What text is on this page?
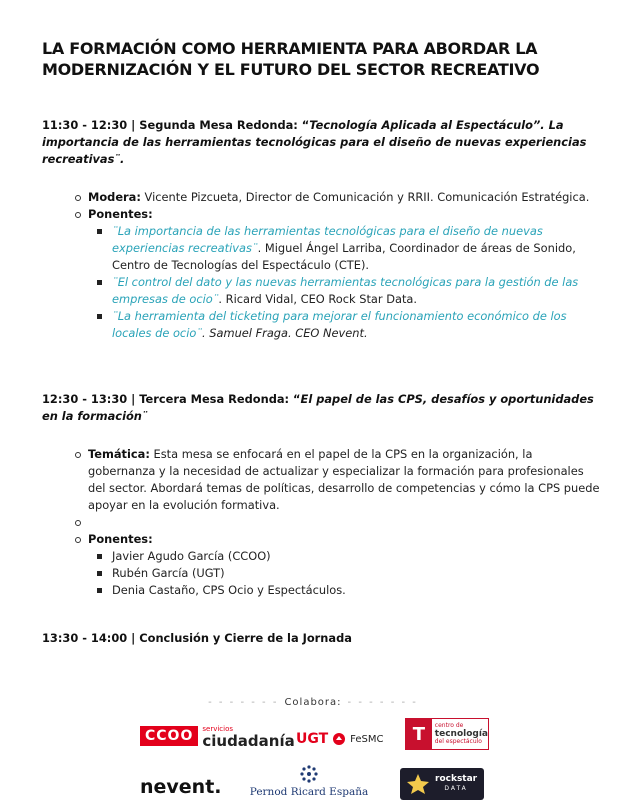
LA FORMACIÓN COMO HERRAMIENTA PARA ABORDAR LA
MODERNIZACIÓN Y EL FUTURO DEL SECTOR RECREATIVO
11:30 - 12:30 | Segunda Mesa Redonda: “Tecnología Aplicada al Espectáculo”. La importancia de las herramientas tecnológicas para el diseño de nuevas experiencias recreativas¨.
Modera: Vicente Pizcueta, Director de Comunicación y RRII. Comunicación Estratégica.
Ponentes:
¨La importancia de las herramientas tecnológicas para el diseño de nuevas experiencias recreativas¨. Miguel Ángel Larriba, Coordinador de áreas de Sonido, Centro de Tecnologías del Espectáculo (CTE).
¨El control del dato y las nuevas herramientas tecnológicas para la gestión de las empresas de ocio¨. Ricard Vidal, CEO Rock Star Data.
¨La herramienta del ticketing para mejorar el funcionamiento económico de los locales de ocio¨. Samuel Fraga. CEO Nevent.
12:30 - 13:30 | Tercera Mesa Redonda: “El papel de las CPS, desafíos y oportunidades en la formación¨
Temática: Esta mesa se enfocará en el papel de la CPS en la organización, la gobernanza y la necesidad de actualizar y especializar la formación para profesionales del sector. Abordará temas de políticas, desarrollo de competencias y cómo la CPS puede apoyar en la evolución formativa.

Ponentes:
Javier Agudo García (CCOO)
Rubén García (UGT)
Denia Castaño, CPS Ocio y Espectáculos.
13:30 - 14:00 | Conclusión y Cierre de la Jornada
- - - Colabora: - - -
CCOO	servicios
ciudadanía UGT FeSMC	T	centro de
tecnología
del espectáculo
nevent.	Pernod Ricard España
rockstar
DATA
